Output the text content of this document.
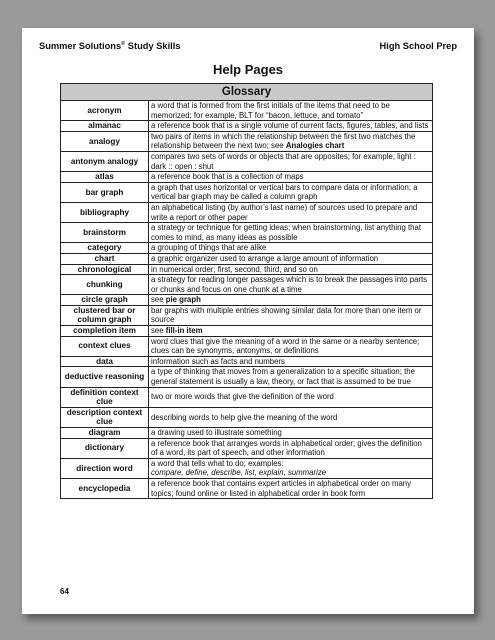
Summer Solutions® Study Skills	High School Prep
Help Pages
Glossary	
acronym	a word that is formed from the first initials of the items that need to be memorized; for example, BLT for “bacon, lettuce, and tomato”
almanac	a reference book that is a single volume of current facts, figures, tables, and lists
analogy	two pairs of items in which the relationship between the first two matches the relationship between the next two; see Analogies chart
antonym analogy	compares two sets of words or objects that are opposites; for example, light : dark :: open : shut
atlas	a reference book that is a collection of maps
bar graph	a graph that uses horizontal or vertical bars to compare data or information; a vertical bar graph may be called a column graph
bibliography	an alphabetical listing (by author’s last name) of sources used to prepare and write a report or other paper
brainstorm	a strategy or technique for getting ideas; when brainstorming, list anything that comes to mind, as many ideas as possible
category	a grouping of things that are alike
chart	a graphic organizer used to arrange a large amount of information
chronological	in numerical order; first, second, third, and so on
chunking	a strategy for reading longer passages which is to break the passages into parts or chunks and focus on one chunk at a time
circle graph	see pie graph
clustered bar or column graph	bar graphs with multiple entries showing similar data for more than one item or source
completion item	see fill-in item
context clues	word clues that give the meaning of a word in the same or a nearby sentence; clues can be synonyms, antonyms, or definitions
data	information such as facts and numbers
deductive reasoning	a type of thinking that moves from a generalization to a specific situation; the general statement is usually a law, theory, or fact that is assumed to be true
definition context clue	two or more words that give the definition of the word
description context clue	describing words to help give the meaning of the word
diagram	a drawing used to illustrate something
dictionary	a reference book that arranges words in alphabetical order; gives the definition of a word, its part of speech, and other information
direction word	a word that tells what to do; examples:
compare, define, describe, list, explain, summarize
encyclopedia	a reference book that contains expert articles in alphabetical order on many topics; found online or listed in alphabetical order in book form
64
